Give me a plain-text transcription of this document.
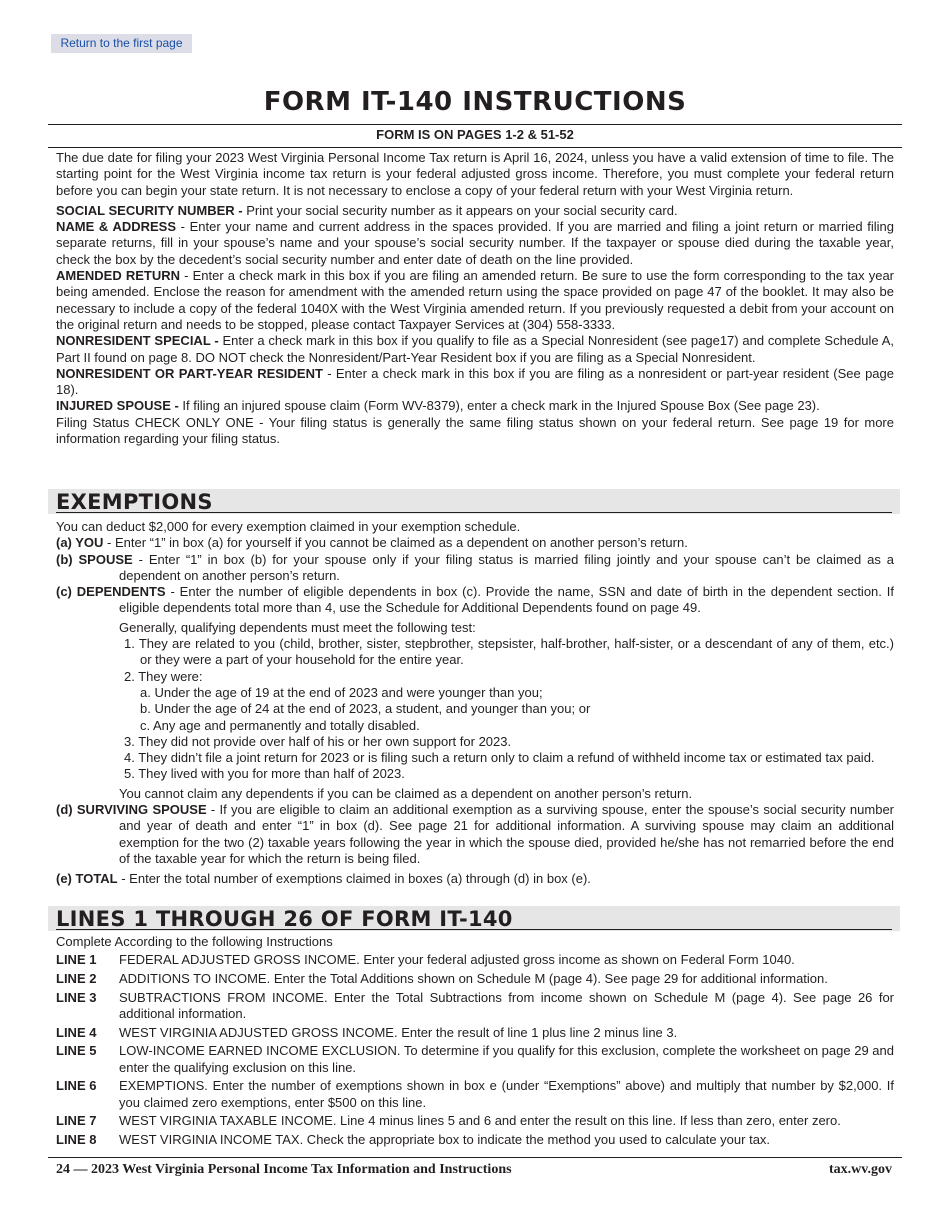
Return to the first page
FORM IT-140 INSTRUCTIONS
FORM IS ON PAGES 1-2 & 51-52

The due date for filing your 2023 West Virginia Personal Income Tax return is April 16, 2024, unless you have a valid extension of time to file. The starting point for the West Virginia income tax return is your federal adjusted gross income. Therefore, you must complete your federal return before you can begin your state return. It is not necessary to enclose a copy of your federal return with your West Virginia return.

SOCIAL SECURITY NUMBER - Print your social security number as it appears on your social security card.

NAME & ADDRESS - Enter your name and current address in the spaces provided. If you are married and filing a joint return or married filing separate returns, fill in your spouse’s name and your spouse’s social security number. If the taxpayer or spouse died during the taxable year, check the box by the decedent’s social security number and enter date of death on the line provided.

AMENDED RETURN - Enter a check mark in this box if you are filing an amended return. Be sure to use the form corresponding to the tax year being amended. Enclose the reason for amendment with the amended return using the space provided on page 47 of the booklet. It may also be necessary to include a copy of the federal 1040X with the West Virginia amended return. If you previously requested a debit from your account on the original return and needs to be stopped, please contact Taxpayer Services at (304) 558-3333.

NONRESIDENT SPECIAL - Enter a check mark in this box if you qualify to file as a Special Nonresident (see page17) and complete Schedule A, Part II found on page 8. DO NOT check the Nonresident/Part-Year Resident box if you are filing as a Special Nonresident.

NONRESIDENT OR PART-YEAR RESIDENT - Enter a check mark in this box if you are filing as a nonresident or part-year resident (See page 18).

INJURED SPOUSE - If filing an injured spouse claim (Form WV-8379), enter a check mark in the Injured Spouse Box (See page 23).

Filing Status CHECK ONLY ONE - Your filing status is generally the same filing status shown on your federal return. See page 19 for more information regarding your filing status.

EXEMPTIONS

You can deduct $2,000 for every exemption claimed in your exemption schedule.

(a) YOU - Enter “1” in box (a) for yourself if you cannot be claimed as a dependent on another person’s return.

(b) SPOUSE - Enter “1” in box (b) for your spouse only if your filing status is married filing jointly and your spouse can’t be claimed as a dependent on another person’s return.

(c) DEPENDENTS - Enter the number of eligible dependents in box (c). Provide the name, SSN and date of birth in the dependent section. If eligible dependents total more than 4, use the Schedule for Additional Dependents found on page 49.

Generally, qualifying dependents must meet the following test:

1. They are related to you (child, brother, sister, stepbrother, stepsister, half-brother, half-sister, or a descendant of any of them, etc.) or they were a part of your household for the entire year.

2. They were:

a. Under the age of 19 at the end of 2023 and were younger than you;

b. Under the age of 24 at the end of 2023, a student, and younger than you; or

c. Any age and permanently and totally disabled.

3. They did not provide over half of his or her own support for 2023.

4. They didn’t file a joint return for 2023 or is filing such a return only to claim a refund of withheld income tax or estimated tax paid.

5. They lived with you for more than half of 2023.

You cannot claim any dependents if you can be claimed as a dependent on another person’s return.

(d) SURVIVING SPOUSE - If you are eligible to claim an additional exemption as a surviving spouse, enter the spouse’s social security number and year of death and enter “1” in box (d). See page 21 for additional information. A surviving spouse may claim an additional exemption for the two (2) taxable years following the year in which the spouse died, provided he/she has not remarried before the end of the taxable year for which the return is being filed.

(e) TOTAL - Enter the total number of exemptions claimed in boxes (a) through (d) in box (e).

LINES 1 THROUGH 26 OF FORM IT-140

Complete According to the following Instructions

LINE 1	FEDERAL ADJUSTED GROSS INCOME. Enter your federal adjusted gross income as shown on Federal Form 1040.
LINE 2	ADDITIONS TO INCOME. Enter the Total Additions shown on Schedule M (page 4). See page 29 for additional information.
LINE 3	SUBTRACTIONS FROM INCOME. Enter the Total Subtractions from income shown on Schedule M (page 4). See page 26 for additional information.
LINE 4	WEST VIRGINIA ADJUSTED GROSS INCOME. Enter the result of line 1 plus line 2 minus line 3.
LINE 5	LOW-INCOME EARNED INCOME EXCLUSION. To determine if you qualify for this exclusion, complete the worksheet on page 29 and enter the qualifying exclusion on this line.
LINE 6	EXEMPTIONS. Enter the number of exemptions shown in box e (under “Exemptions” above) and multiply that number by $2,000. If you claimed zero exemptions, enter $500 on this line.
LINE 7	WEST VIRGINIA TAXABLE INCOME. Line 4 minus lines 5 and 6 and enter the result on this line. If less than zero, enter zero.
LINE 8	WEST VIRGINIA INCOME TAX. Check the appropriate box to indicate the method you used to calculate your tax.
24 — 2023 West Virginia Personal Income Tax Information and Instructions	tax.wv.gov
